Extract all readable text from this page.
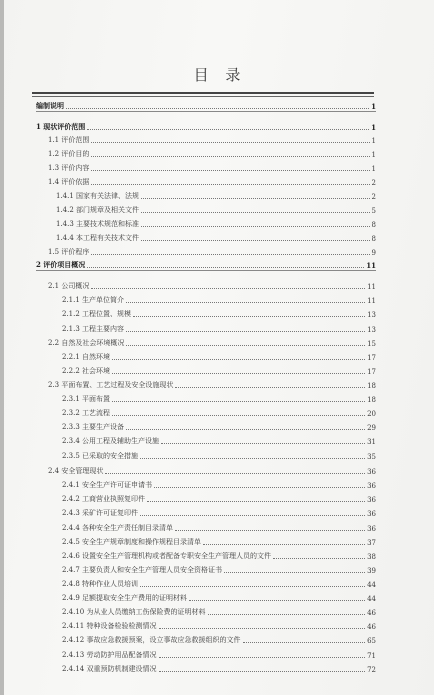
目 录
编制说明	1
1 现状评价范围	1
1.1 评价范围	1
1.2 评价目的	1
1.3 评价内容	1
1.4 评价依据	2
1.4.1 国家有关法律、法规	2
1.4.2 部门规章及相关文件	5
1.4.3 主要技术规范和标准	8
1.4.4 本工程有关技术文件	8
1.5 评价程序	9
2 评价项目概况	11
2.1 公司概况	11
2.1.1 生产单位简介	11
2.1.2 工程位置、规模	13
2.1.3 工程主要内容	13
2.2 自然及社会环境概况	15
2.2.1 自然环境	17
2.2.2 社会环境	17
2.3 平面布置、工艺过程及安全设施现状	18
2.3.1 平面布置	18
2.3.2 工艺流程	20
2.3.3 主要生产设备	29
2.3.4 公用工程及辅助生产设施	31
2.3.5 已采取的安全措施	35
2.4 安全管理现状	36
2.4.1 安全生产许可证申请书	36
2.4.2 工商营业执照复印件	36
2.4.3 采矿许可证复印件	36
2.4.4 各种安全生产责任制目录清单	36
2.4.5 安全生产规章制度和操作规程目录清单	37
2.4.6 设置安全生产管理机构或者配备专职安全生产管理人员的文件	38
2.4.7 主要负责人和安全生产管理人员安全资格证书	39
2.4.8 特种作业人员培训	44
2.4.9 足额提取安全生产费用的证明材料	44
2.4.10 为从业人员缴纳工伤保险费的证明材料	46
2.4.11 特种设备检验检测情况	46
2.4.12 事故应急救援预案，设立事故应急救援组织的文件	65
2.4.13 劳动防护用品配备情况	71
2.4.14 双重预防机制建设情况	72
